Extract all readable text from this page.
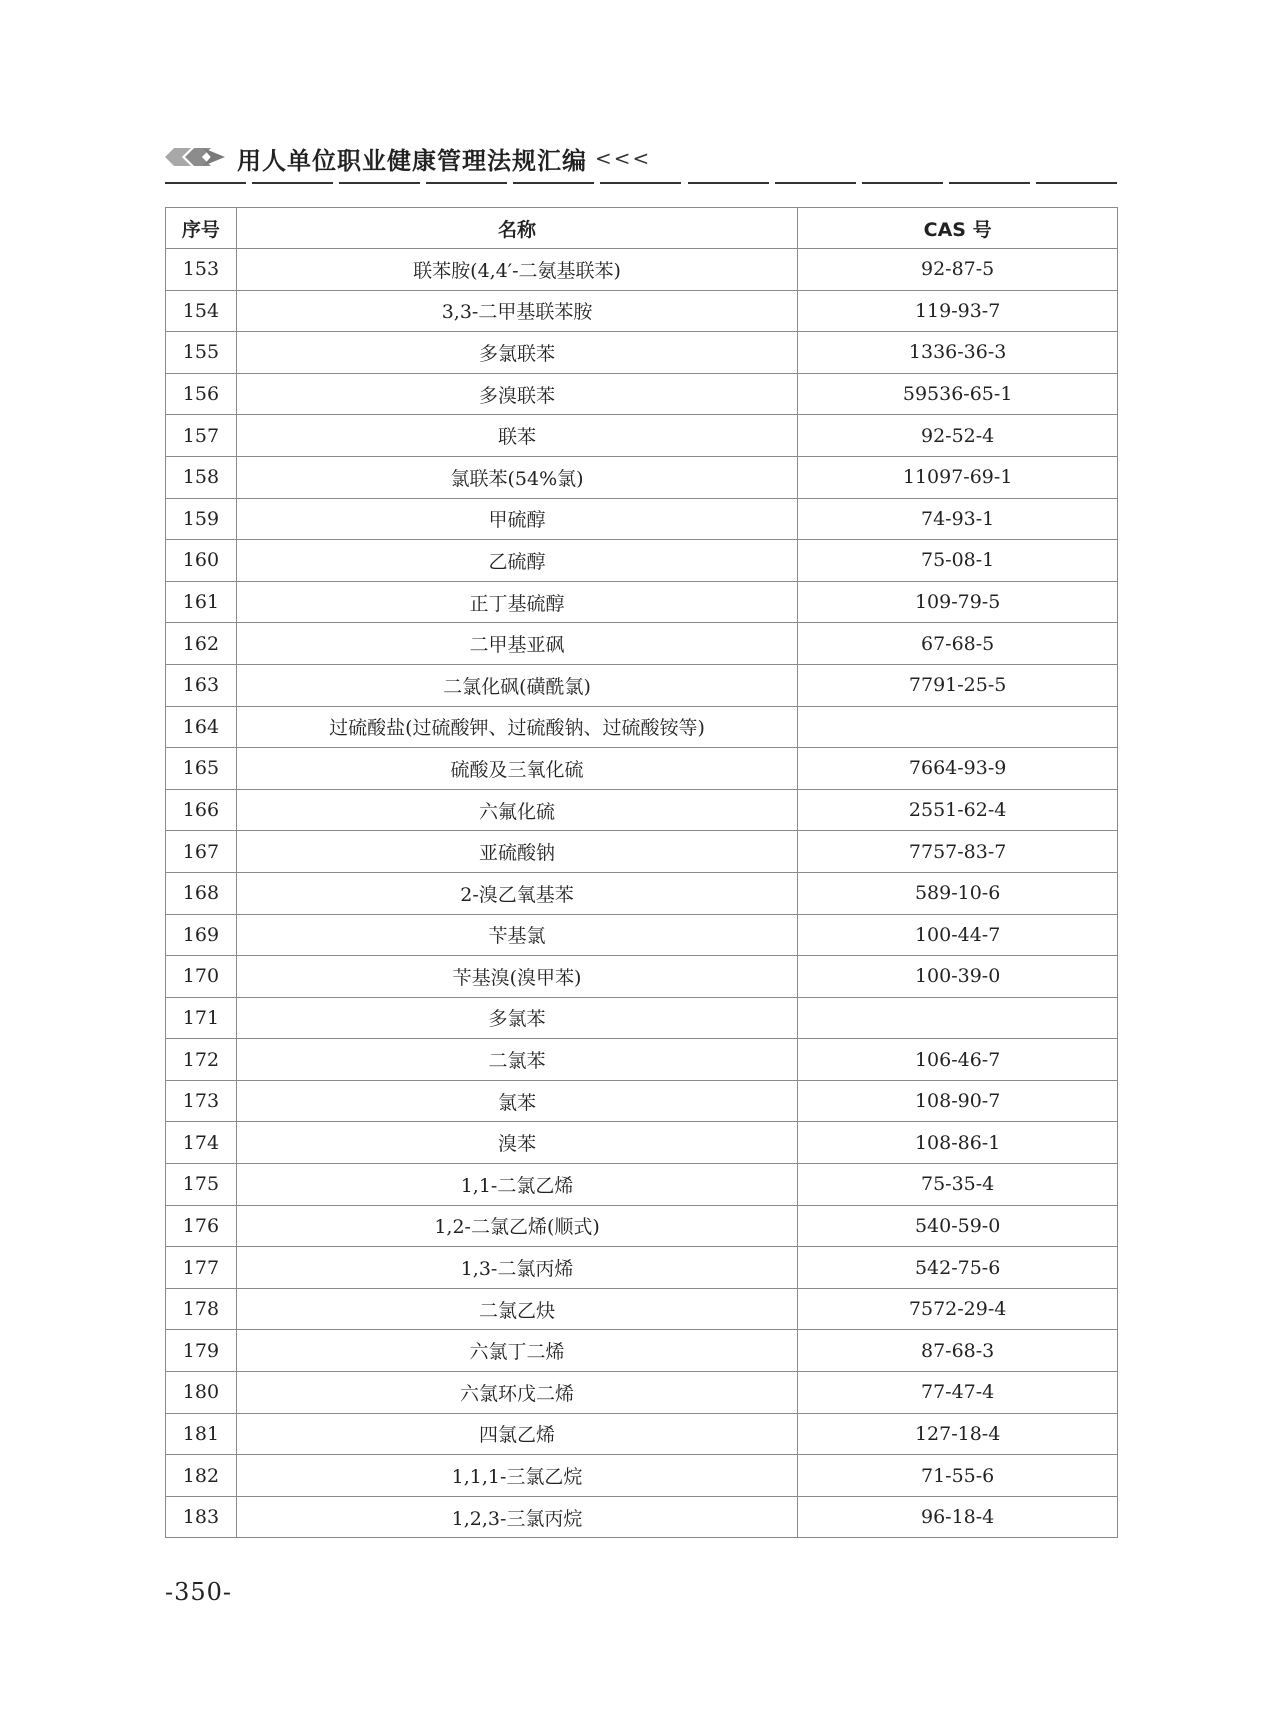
用人单位职业健康管理法规汇编 <<<
序号	名称	CAS 号
153	联苯胺(4,4′-二氨基联苯)	92-87-5
154	3,3-二甲基联苯胺	119-93-7
155	多氯联苯	1336-36-3
156	多溴联苯	59536-65-1
157	联苯	92-52-4
158	氯联苯(54%氯)	11097-69-1
159	甲硫醇	74-93-1
160	乙硫醇	75-08-1
161	正丁基硫醇	109-79-5
162	二甲基亚砜	67-68-5
163	二氯化砜(磺酰氯)	7791-25-5
164	过硫酸盐(过硫酸钾、过硫酸钠、过硫酸铵等)	
165	硫酸及三氧化硫	7664-93-9
166	六氟化硫	2551-62-4
167	亚硫酸钠	7757-83-7
168	2-溴乙氧基苯	589-10-6
169	苄基氯	100-44-7
170	苄基溴(溴甲苯)	100-39-0
171	多氯苯	
172	二氯苯	106-46-7
173	氯苯	108-90-7
174	溴苯	108-86-1
175	1,1-二氯乙烯	75-35-4
176	1,2-二氯乙烯(顺式)	540-59-0
177	1,3-二氯丙烯	542-75-6
178	二氯乙炔	7572-29-4
179	六氯丁二烯	87-68-3
180	六氯环戊二烯	77-47-4
181	四氯乙烯	127-18-4
182	1,1,1-三氯乙烷	71-55-6
183	1,2,3-三氯丙烷	96-18-4
-350-
